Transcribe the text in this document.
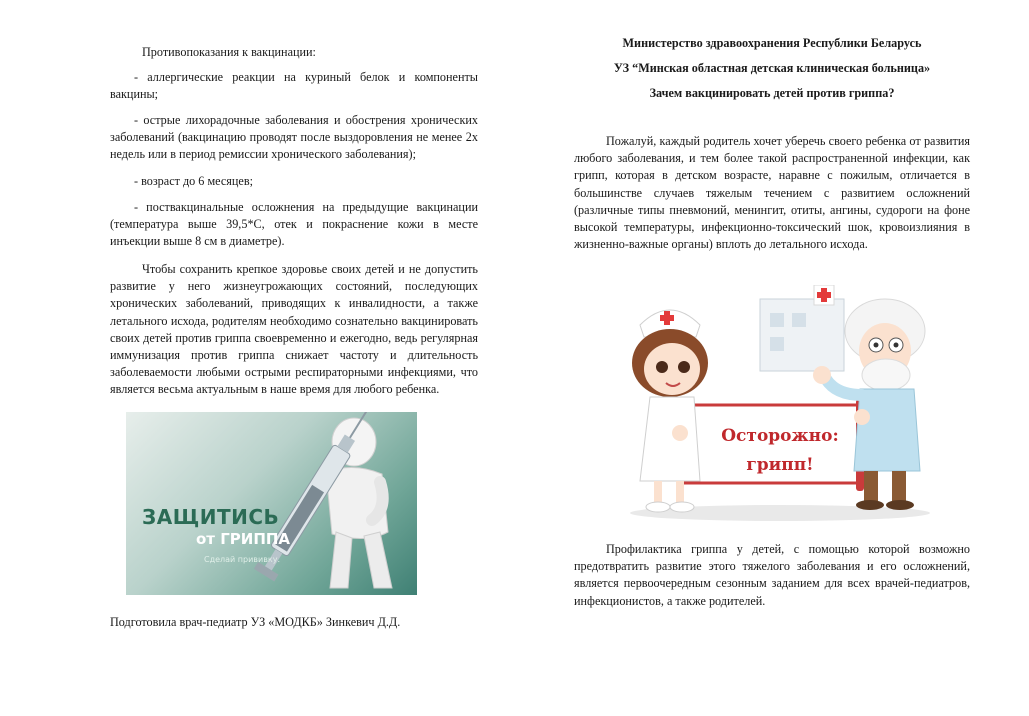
Противопоказания к вакцинации:

- аллергические реакции на куриный белок и компоненты вакцины;

- острые лихорадочные заболевания и обострения хронических заболеваний (вакцинацию проводят после выздоровления не менее 2х недель или в период ремиссии хронического заболевания);

- возраст до 6 месяцев;

- поствакцинальные осложнения на предыдущие вакцинации (температура выше 39,5*С, отек и покраснение кожи в месте инъекции выше 8 см в диаметре).

Чтобы сохранить крепкое здоровье своих детей и не допустить развитие у него жизнеугрожающих состояний, последующих хронических заболеваний, приводящих к инвалидности, а также летального исхода, родителям необходимо сознательно вакцинировать своих детей против гриппа своевременно и ежегодно, ведь регулярная иммунизация против гриппа снижает частоту и длительность заболеваемости любыми острыми респираторными инфекциями, что является весьма актуальным в наше время для любого ребенка.

Подготовила врач-педиатр УЗ «МОДКБ» Зинкевич Д.Д.

ЗАЩИТИСЬ
от ГРИППА
Сделай прививку.
Министерство здравоохранения Республики Беларусь
УЗ “Минская областная детская клиническая больница»
Зачем вакцинировать детей против гриппа?

Пожалуй, каждый родитель хочет уберечь своего ребенка от развития любого заболевания, и тем более такой распространенной инфекции, как грипп, которая в детском возрасте, наравне с пожилым, отличается в большинстве случаев тяжелым течением с развитием осложнений (различные типы пневмоний, менингит, отиты, ангины, судороги на фоне высокой температуры, инфекционно-токсический шок, кровоизлияния в жизненно-важные органы) вплоть до летального исхода.

Профилактика гриппа у детей, с помощью которой возможно предотвратить развитие этого тяжелого заболевания и его осложнений, является первоочередным сезонным заданием для всех врачей-педиатров, инфекционистов, а также родителей.

Осторожно:
грипп!
